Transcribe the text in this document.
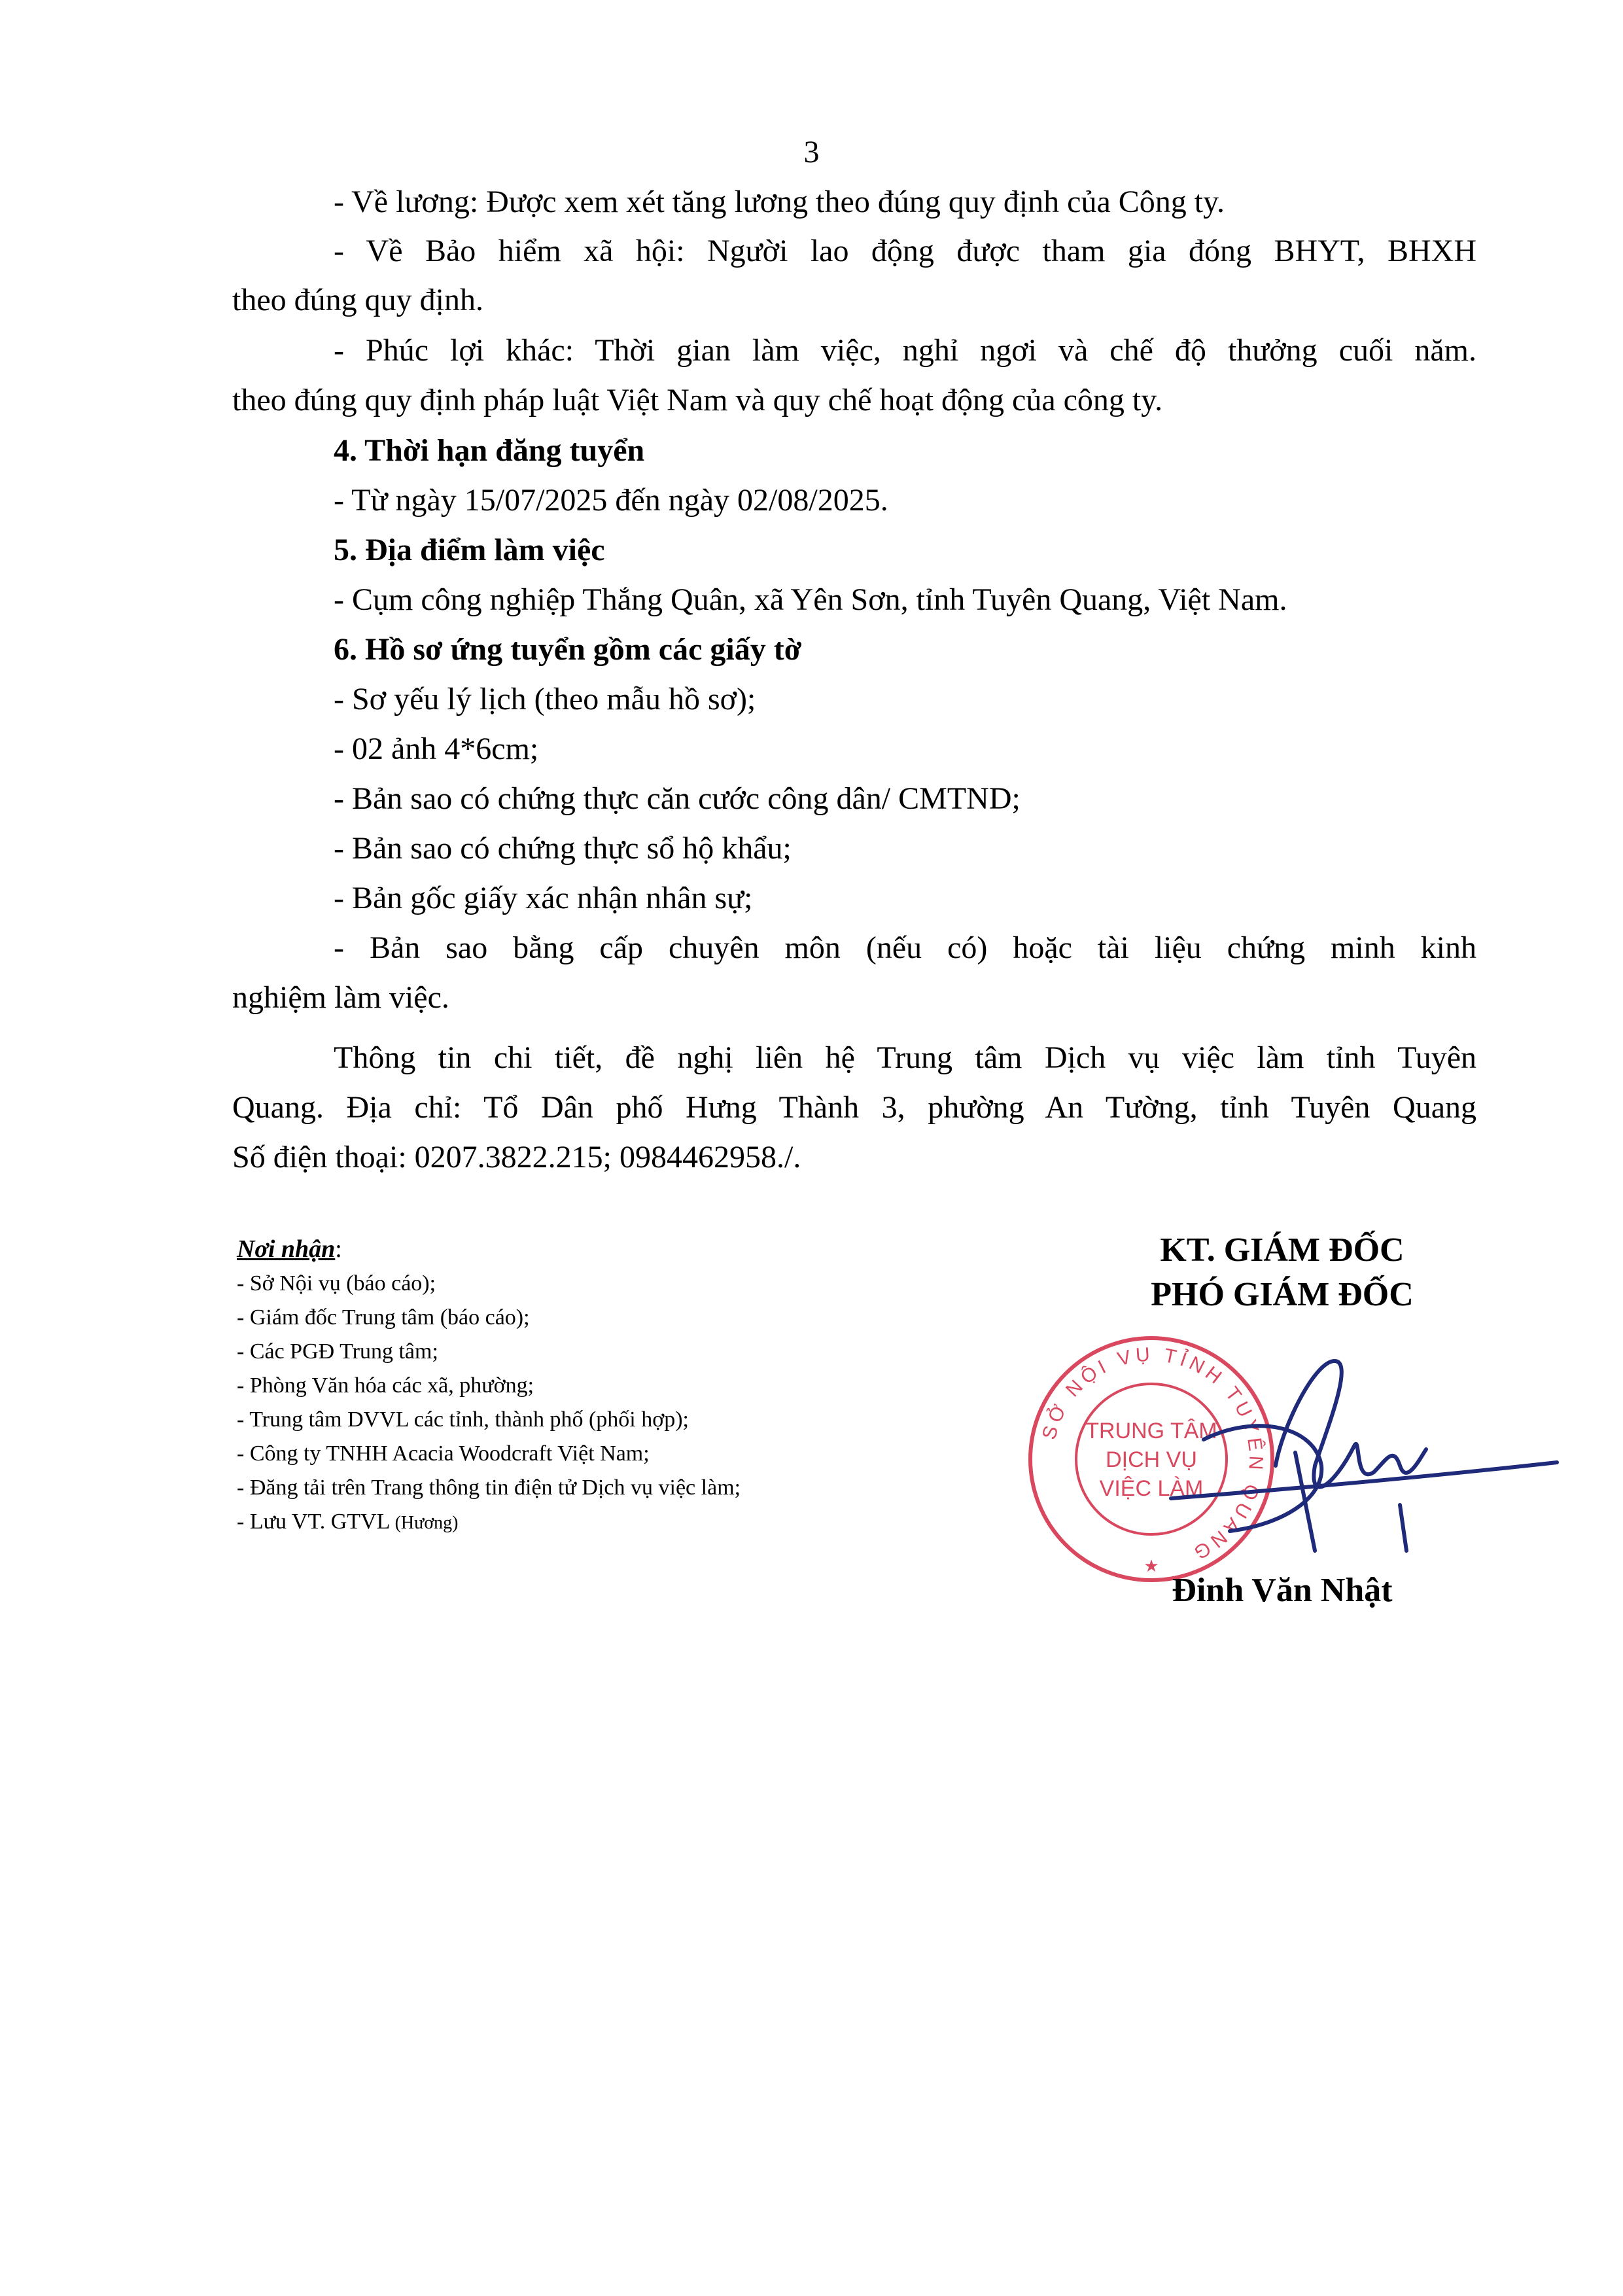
3
- Về lương: Được xem xét tăng lương theo đúng quy định của Công ty.
- Về Bảo hiểm xã hội: Người lao động được tham gia đóng BHYT, BHXH
theo đúng quy định.
- Phúc lợi khác: Thời gian làm việc, nghỉ ngơi và chế độ thưởng cuối năm.
theo đúng quy định pháp luật Việt Nam và quy chế hoạt động của công ty.
4. Thời hạn đăng tuyển
- Từ ngày 15/07/2025 đến ngày 02/08/2025.
5. Địa điểm làm việc
- Cụm công nghiệp Thắng Quân, xã Yên Sơn, tỉnh Tuyên Quang, Việt Nam.
6. Hồ sơ ứng tuyển gồm các giấy tờ
- Sơ yếu lý lịch (theo mẫu hồ sơ);
- 02 ảnh 4*6cm;
- Bản sao có chứng thực căn cước công dân/ CMTND;
- Bản sao có chứng thực sổ hộ khẩu;
- Bản gốc giấy xác nhận nhân sự;
- Bản sao bằng cấp chuyên môn (nếu có) hoặc tài liệu chứng minh kinh
nghiệm làm việc.
Thông tin chi tiết, đề nghị liên hệ Trung tâm Dịch vụ việc làm tỉnh Tuyên
Quang. Địa chỉ: Tổ Dân phố Hưng Thành 3, phường An Tường, tỉnh Tuyên Quang
Số điện thoại: 0207.3822.215; 0984462958./.
Nơi nhận:
- Sở Nội vụ (báo cáo);
- Giám đốc Trung tâm (báo cáo);
- Các PGĐ Trung tâm;
- Phòng Văn hóa các xã, phường;
- Trung tâm DVVL các tỉnh, thành phố (phối hợp);
- Công ty TNHH Acacia Woodcraft Việt Nam;
- Đăng tải trên Trang thông tin điện tử Dịch vụ việc làm;
- Lưu VT. GTVL (Hương)
KT. GIÁM ĐỐC
PHÓ GIÁM ĐỐC
SỞ NỘI VỤ TỈNH TUYÊN QUANG
TRUNG TÂM
DỊCH VỤ
VIỆC LÀM
★
Đinh Văn Nhật
